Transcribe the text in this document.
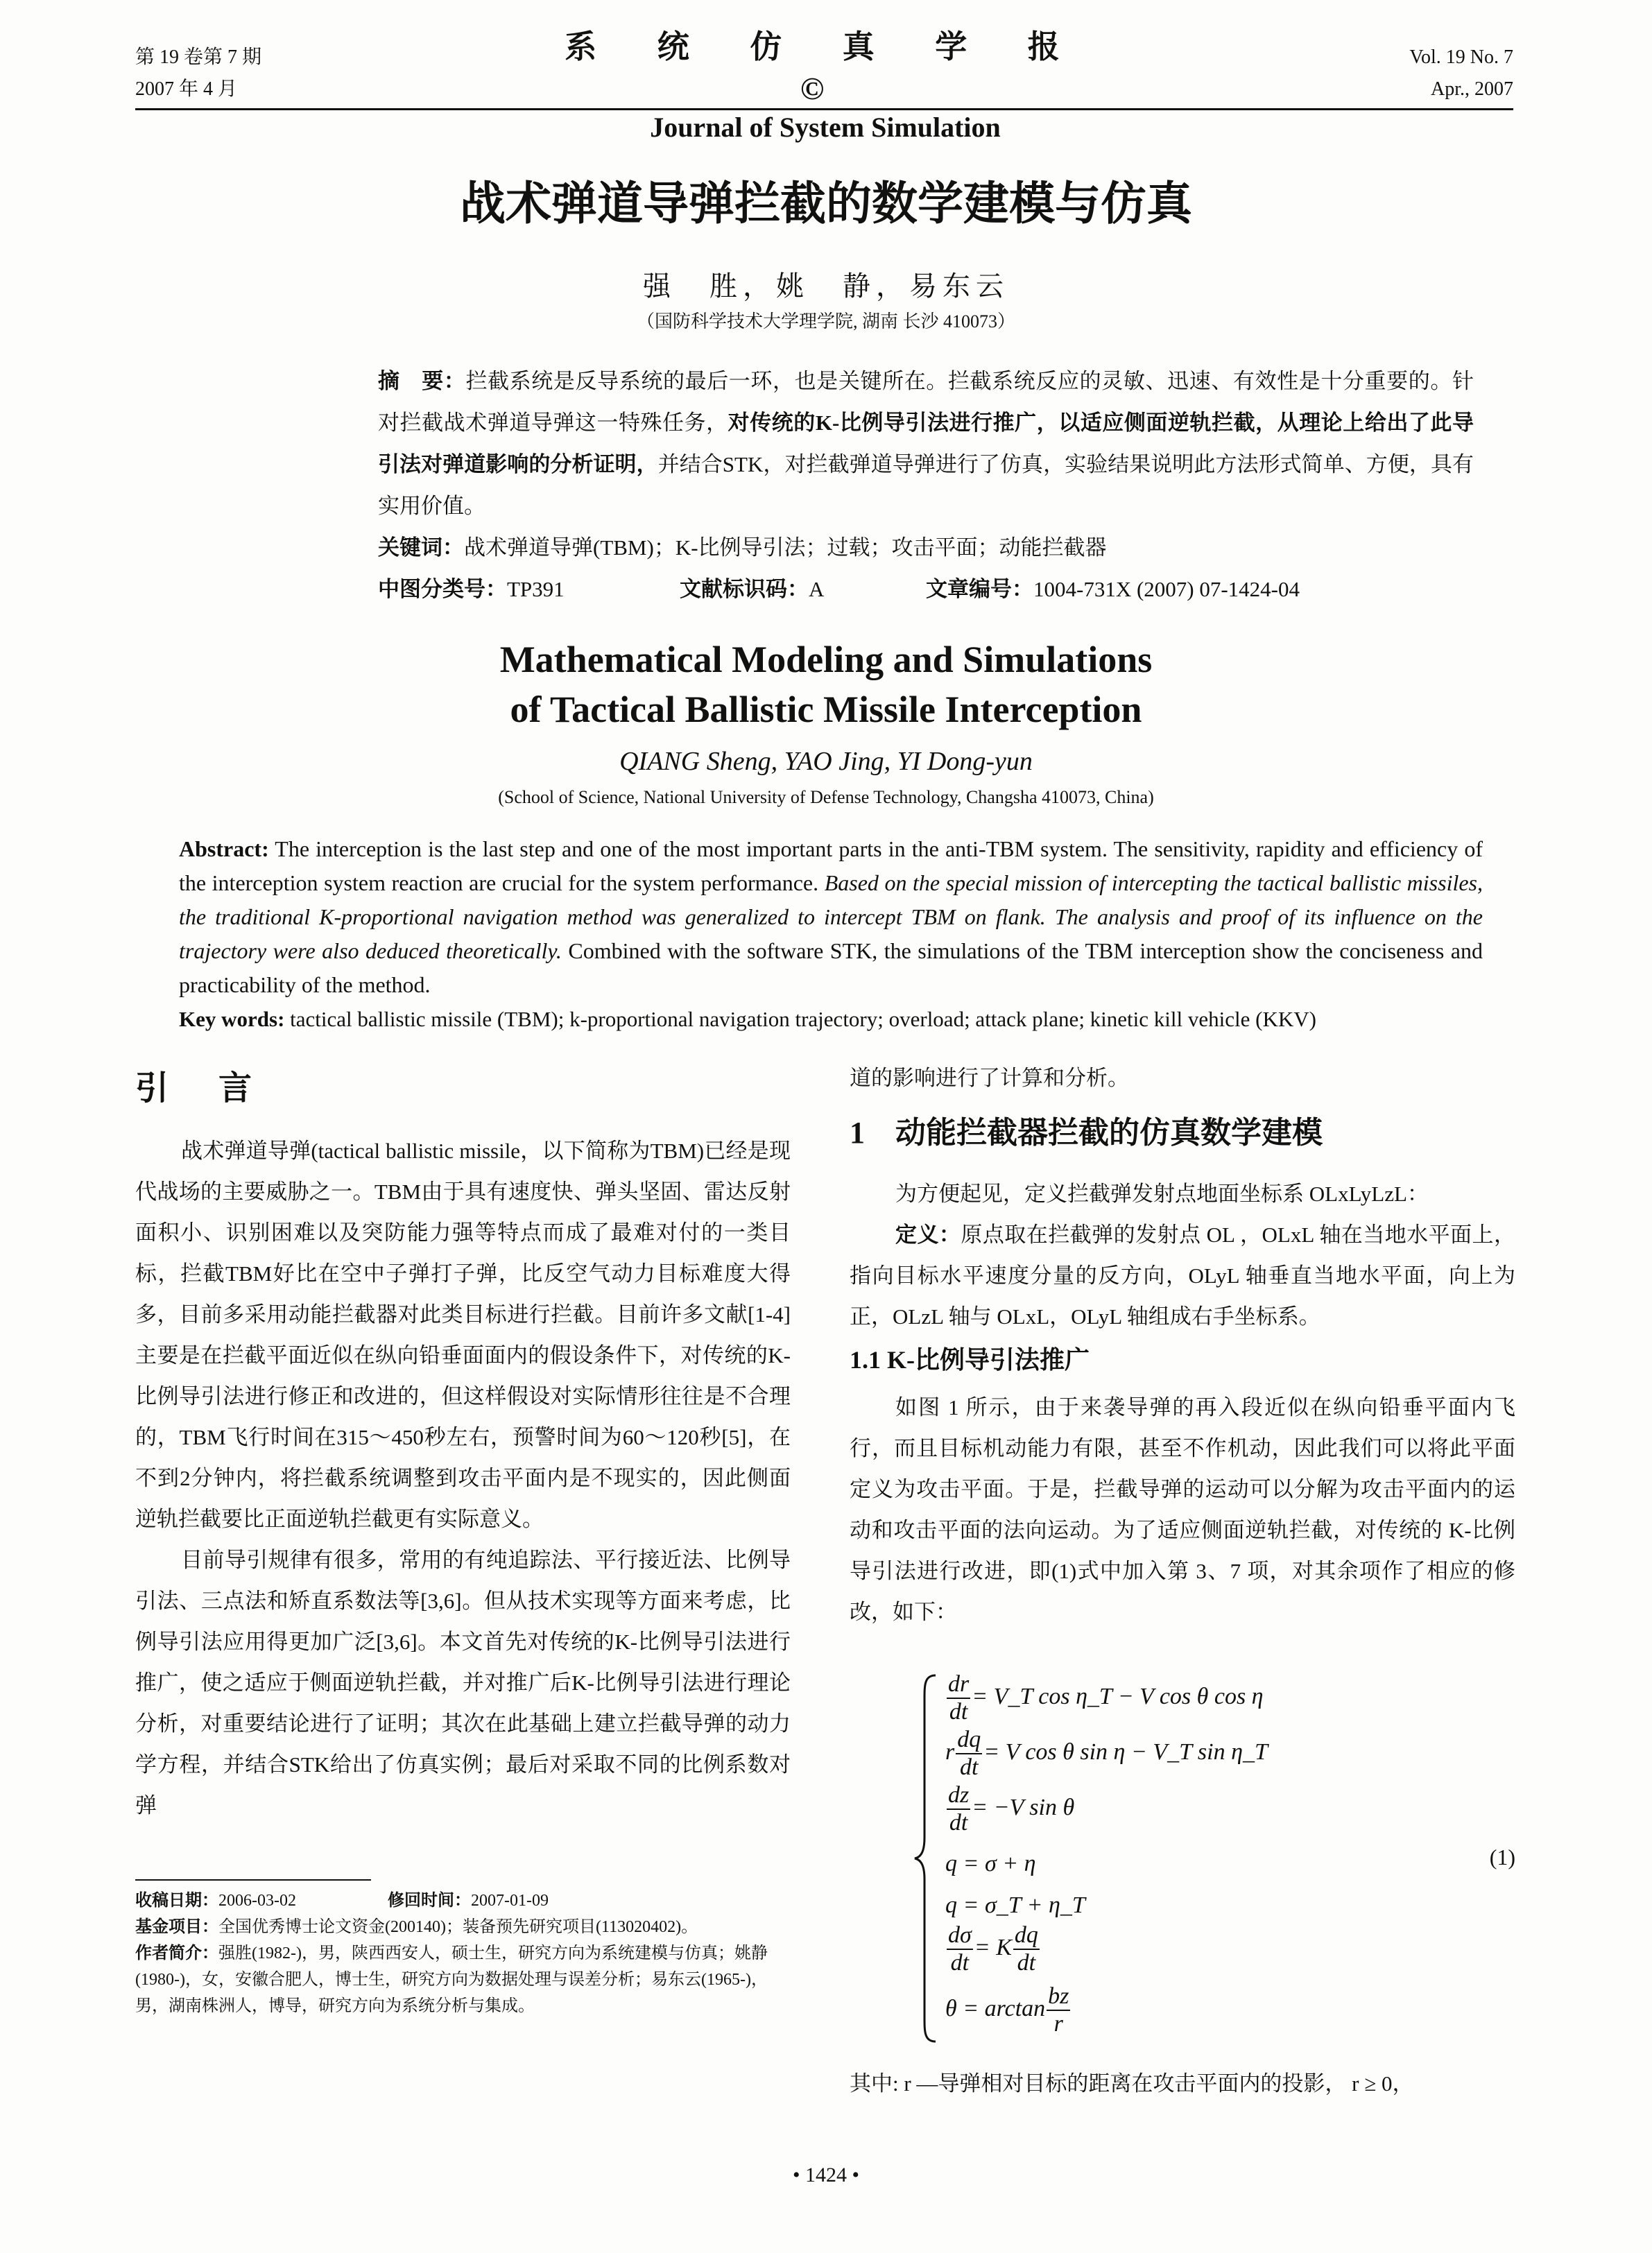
第 19 卷第 7 期
2007 年 4 月
系 统 仿 真 学 报©
Journal of System Simulation
Vol. 19 No. 7
Apr., 2007
战术弹道导弹拦截的数学建模与仿真
强　胜，姚　静，易东云
（国防科学技术大学理学院, 湖南 长沙 410073）
摘　要：拦截系统是反导系统的最后一环，也是关键所在。拦截系统反应的灵敏、迅速、有效性是十分重要的。针对拦截战术弹道导弹这一特殊任务，对传统的K-比例导引法进行推广，以适应侧面逆轨拦截，从理论上给出了此导引法对弹道影响的分析证明，并结合STK，对拦截弹道导弹进行了仿真，实验结果说明此方法形式简单、方便，具有实用价值。
关键词：战术弹道导弹(TBM)；K-比例导引法；过载；攻击平面；动能拦截器
中图分类号：TP391	文献标识码：A	文章编号：1004-731X (2007) 07-1424-04
Mathematical Modeling and Simulations
of Tactical Ballistic Missile Interception
QIANG Sheng, YAO Jing, YI Dong-yun
(School of Science, National University of Defense Technology, Changsha 410073, China)
Abstract: The interception is the last step and one of the most important parts in the anti-TBM system. The sensitivity, rapidity and efficiency of the interception system reaction are crucial for the system performance. Based on the special mission of intercepting the tactical ballistic missiles, the traditional K-proportional navigation method was generalized to intercept TBM on flank. The analysis and proof of its influence on the trajectory were also deduced theoretically. Combined with the software STK, the simulations of the TBM interception show the conciseness and practicability of the method.
Key words: tactical ballistic missile (TBM); k-proportional navigation trajectory; overload; attack plane; kinetic kill vehicle (KKV)
引 言

战术弹道导弹(tactical ballistic missile，以下简称为TBM)已经是现代战场的主要威胁之一。TBM由于具有速度快、弹头坚固、雷达反射面积小、识别困难以及突防能力强等特点而成了最难对付的一类目标，拦截TBM好比在空中子弹打子弹，比反空气动力目标难度大得多，目前多采用动能拦截器对此类目标进行拦截。目前许多文献[1-4]主要是在拦截平面近似在纵向铅垂面面内的假设条件下，对传统的K-比例导引法进行修正和改进的，但这样假设对实际情形往往是不合理的，TBM飞行时间在315～450秒左右，预警时间为60～120秒[5]，在不到2分钟内，将拦截系统调整到攻击平面内是不现实的，因此侧面逆轨拦截要比正面逆轨拦截更有实际意义。

目前导引规律有很多，常用的有纯追踪法、平行接近法、比例导引法、三点法和矫直系数法等[3,6]。但从技术实现等方面来考虑，比例导引法应用得更加广泛[3,6]。本文首先对传统的K-比例导引法进行推广，使之适应于侧面逆轨拦截，并对推广后K-比例导引法进行理论分析，对重要结论进行了证明；其次在此基础上建立拦截导弹的动力学方程，并结合STK给出了仿真实例；最后对采取不同的比例系数对弹

收稿日期：2006-03-02	修回时间：2007-01-09
基金项目：全国优秀博士论文资金(200140)；装备预先研究项目(113020402)。
作者简介：强胜(1982-)，男，陕西西安人，硕士生，研究方向为系统建模与仿真；姚静(1980-)，女，安徽合肥人，博士生，研究方向为数据处理与误差分析；易东云(1965-)，男，湖南株洲人，博导，研究方向为系统分析与集成。

道的影响进行了计算和分析。

1　动能拦截器拦截的仿真数学建模

为方便起见，定义拦截弹发射点地面坐标系 OLxLyLzL：

定义：原点取在拦截弹的发射点 OL ，OLxL 轴在当地水平面上，指向目标水平速度分量的反方向，OLyL 轴垂直当地水平面，向上为正，OLzL 轴与 OLxL，OLyL 轴组成右手坐标系。

1.1 K-比例导引法推广

如图 1 所示，由于来袭导弹的再入段近似在纵向铅垂平面内飞行，而且目标机动能力有限，甚至不作机动，因此我们可以将此平面定义为攻击平面。于是，拦截导弹的运动可以分解为攻击平面内的运动和攻击平面的法向运动。为了适应侧面逆轨拦截，对传统的 K-比例导引法进行改进，即(1)式中加入第 3、7 项，对其余项作了相应的修改，如下：

$\frac{dr}{dt}$ = V_T cos η_T − V cos θ cos η
r $\frac{dq}{dt} = V$ cos θ sin η − V_T sin η_T
$\frac{dz}{dt} = -V$ sin θ
q = σ + η
q = σ_T + η_T
$\frac{d\sigma}{dt} = K \frac{dq}{dt}$
$\theta = \arctan \frac{bz}{r}$
(1)
其中: r —导弹相对目标的距离在攻击平面内的投影， r ≥ 0，
• 1424 •
